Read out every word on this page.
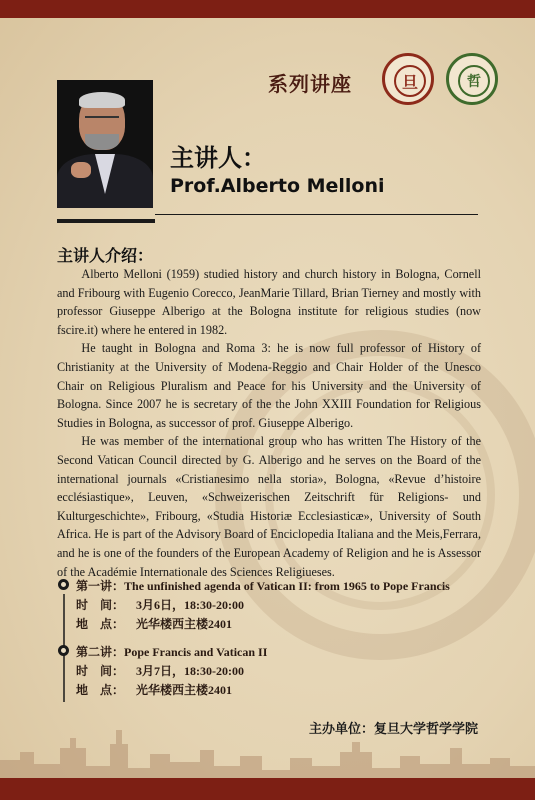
系列讲座	旦	哲
主讲人：
Prof.Alberto Melloni
主讲人介绍：

Alberto Melloni (1959) studied history and church history in Bologna, Cornell and Fribourg with Eugenio Corecco, JeanMarie Tillard, Brian Tierney and mostly with professor Giuseppe Alberigo at the Bologna institute for religious studies (now fscire.it) where he entered in 1982.

He taught in Bologna and Roma 3: he is now full professor of History of Christianity at the University of Modena-Reggio and Chair Holder of the Unesco Chair on Religious Pluralism and Peace for his University and the University of Bologna. Since 2007 he is secretary of the the John XXIII Foundation for Religious Studies in Bologna, as successor of prof. Giuseppe Alberigo.

He was member of the international group who has written The History of the Second Vatican Council directed by G. Alberigo and he serves on the Board of the international journals «Cristianesimo nella storia», Bologna, «Revue d’histoire ecclésiastique», Leuven, «Schweizerischen Zeitschrift für Religions- und Kulturgeschichte», Fribourg, «Studia Historiæ Ecclesiasticæ», University of South Africa. He is part of the Advisory Board of Enciclopedia Italiana and the Meis,Ferrara, and he is one of the founders of the European Academy of Religion and he is Assessor of the Académie Internationale des Sciences Religiueses.

第一讲：The unfinished agenda of Vatican II: from 1965 to Pope Francis
时　间： 3月6日，18:30-20:00
地　点： 光华楼西主楼2401
第二讲：Pope Francis and Vatican II
时　间： 3月7日，18:30-20:00
地　点： 光华楼西主楼2401
主办单位：复旦大学哲学学院
